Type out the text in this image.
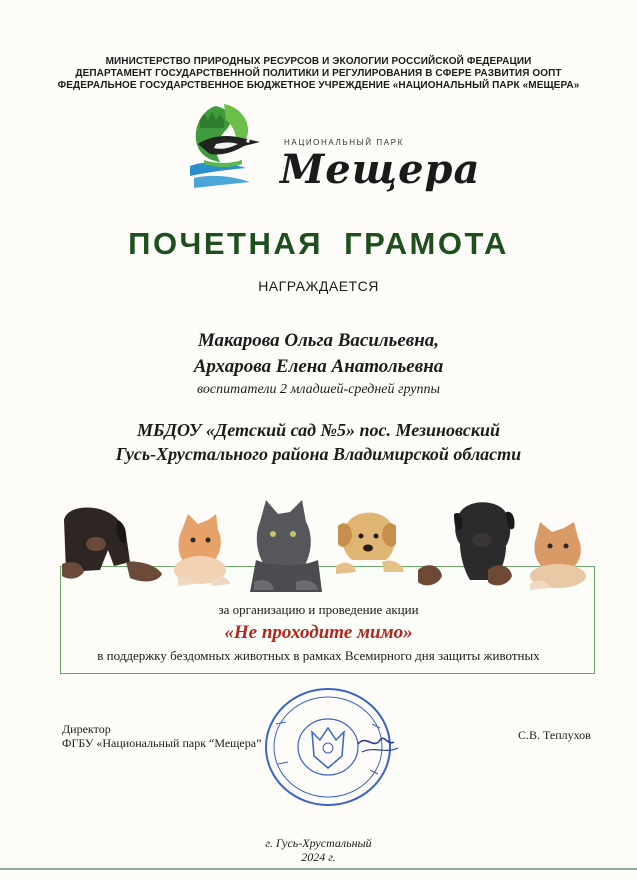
МИНИСТЕРСТВО ПРИРОДНЫХ РЕСУРСОВ И ЭКОЛОГИИ РОССИЙСКОЙ ФЕДЕРАЦИИ
ДЕПАРТАМЕНТ ГОСУДАРСТВЕННОЙ ПОЛИТИКИ И РЕГУЛИРОВАНИЯ В СФЕРЕ РАЗВИТИЯ ООПТ
ФЕДЕРАЛЬНОЕ ГОСУДАРСТВЕННОЕ БЮДЖЕТНОЕ УЧРЕЖДЕНИЕ «НАЦИОНАЛЬНЫЙ ПАРК «МЕЩЕРА»
НАЦИОНАЛЬНЫЙ ПАРК
Мещера
ПОЧЕТНАЯ ГРАМОТА
НАГРАЖДАЕТСЯ
Макарова Ольга Васильевна,
Архарова Елена Анатольевна
воспитатели 2 младшей-средней группы
МБДОУ «Детский сад №5» пос. Мезиновский
Гусь-Хрустального района Владимирской области
за организацию и проведение акции
«Не проходите мимо»
в поддержку бездомных животных в рамках Всемирного дня защиты животных
Директор
ФГБУ «Национальный парк “Мещера”
С.В. Теплухов
г. Гусь-Хрустальный
2024 г.
